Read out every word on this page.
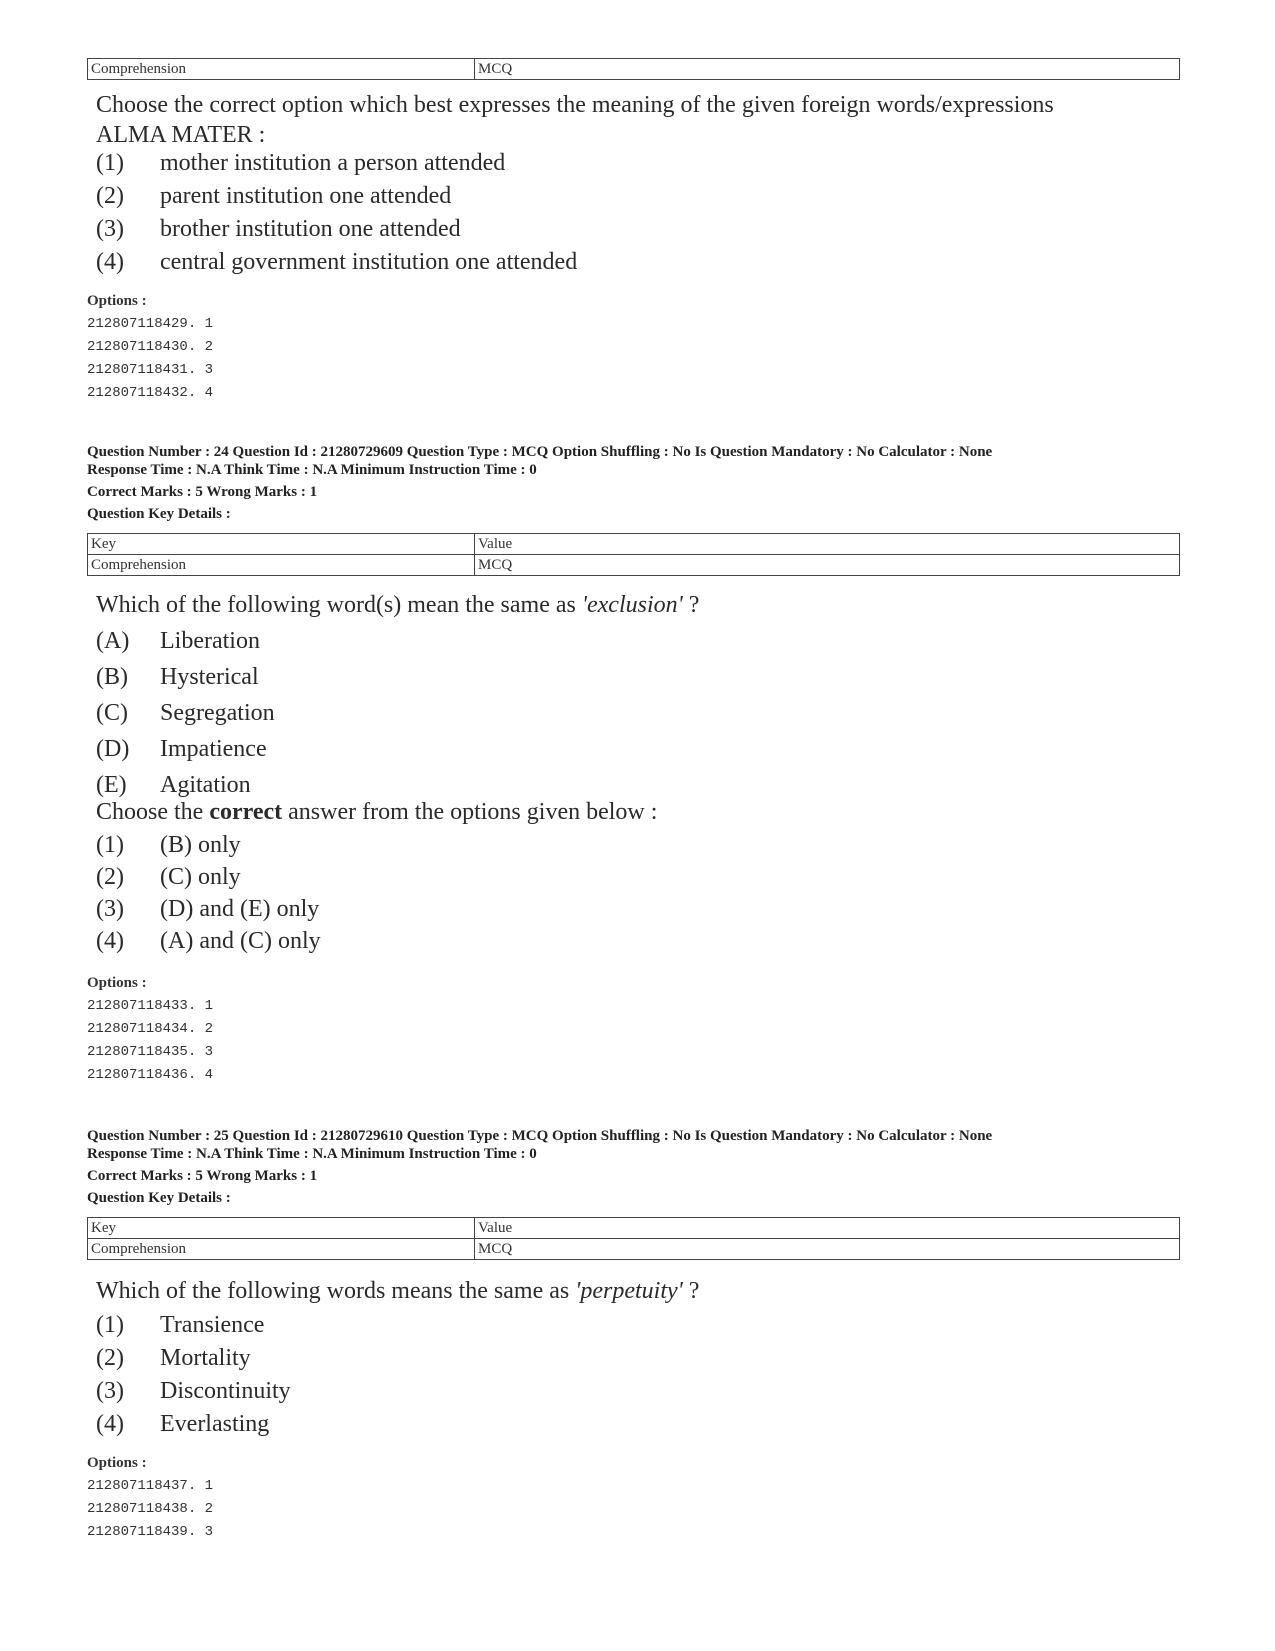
Comprehension	MCQ
Choose the correct option which best expresses the meaning of the given foreign words/expressions
ALMA MATER :
(1) mother institution a person attended
(2) parent institution one attended
(3) brother institution one attended
(4) central government institution one attended
Options :
212807118429. 1
212807118430. 2
212807118431. 3
212807118432. 4
Question Number : 24 Question Id : 21280729609 Question Type : MCQ Option Shuffling : No Is Question Mandatory : No Calculator : None
Response Time : N.A Think Time : N.A Minimum Instruction Time : 0
Correct Marks : 5 Wrong Marks : 1
Question Key Details :
Key	Value
Comprehension	MCQ
Which of the following word(s) mean the same as 'exclusion' ?
(A) Liberation
(B) Hysterical
(C) Segregation
(D) Impatience
(E) Agitation
Choose the correct answer from the options given below :
(1) (B) only
(2) (C) only
(3) (D) and (E) only
(4) (A) and (C) only
Options :
212807118433. 1
212807118434. 2
212807118435. 3
212807118436. 4
Question Number : 25 Question Id : 21280729610 Question Type : MCQ Option Shuffling : No Is Question Mandatory : No Calculator : None
Response Time : N.A Think Time : N.A Minimum Instruction Time : 0
Correct Marks : 5 Wrong Marks : 1
Question Key Details :
Key	Value
Comprehension	MCQ
Which of the following words means the same as 'perpetuity' ?
(1) Transience
(2) Mortality
(3) Discontinuity
(4) Everlasting
Options :
212807118437. 1
212807118438. 2
212807118439. 3
